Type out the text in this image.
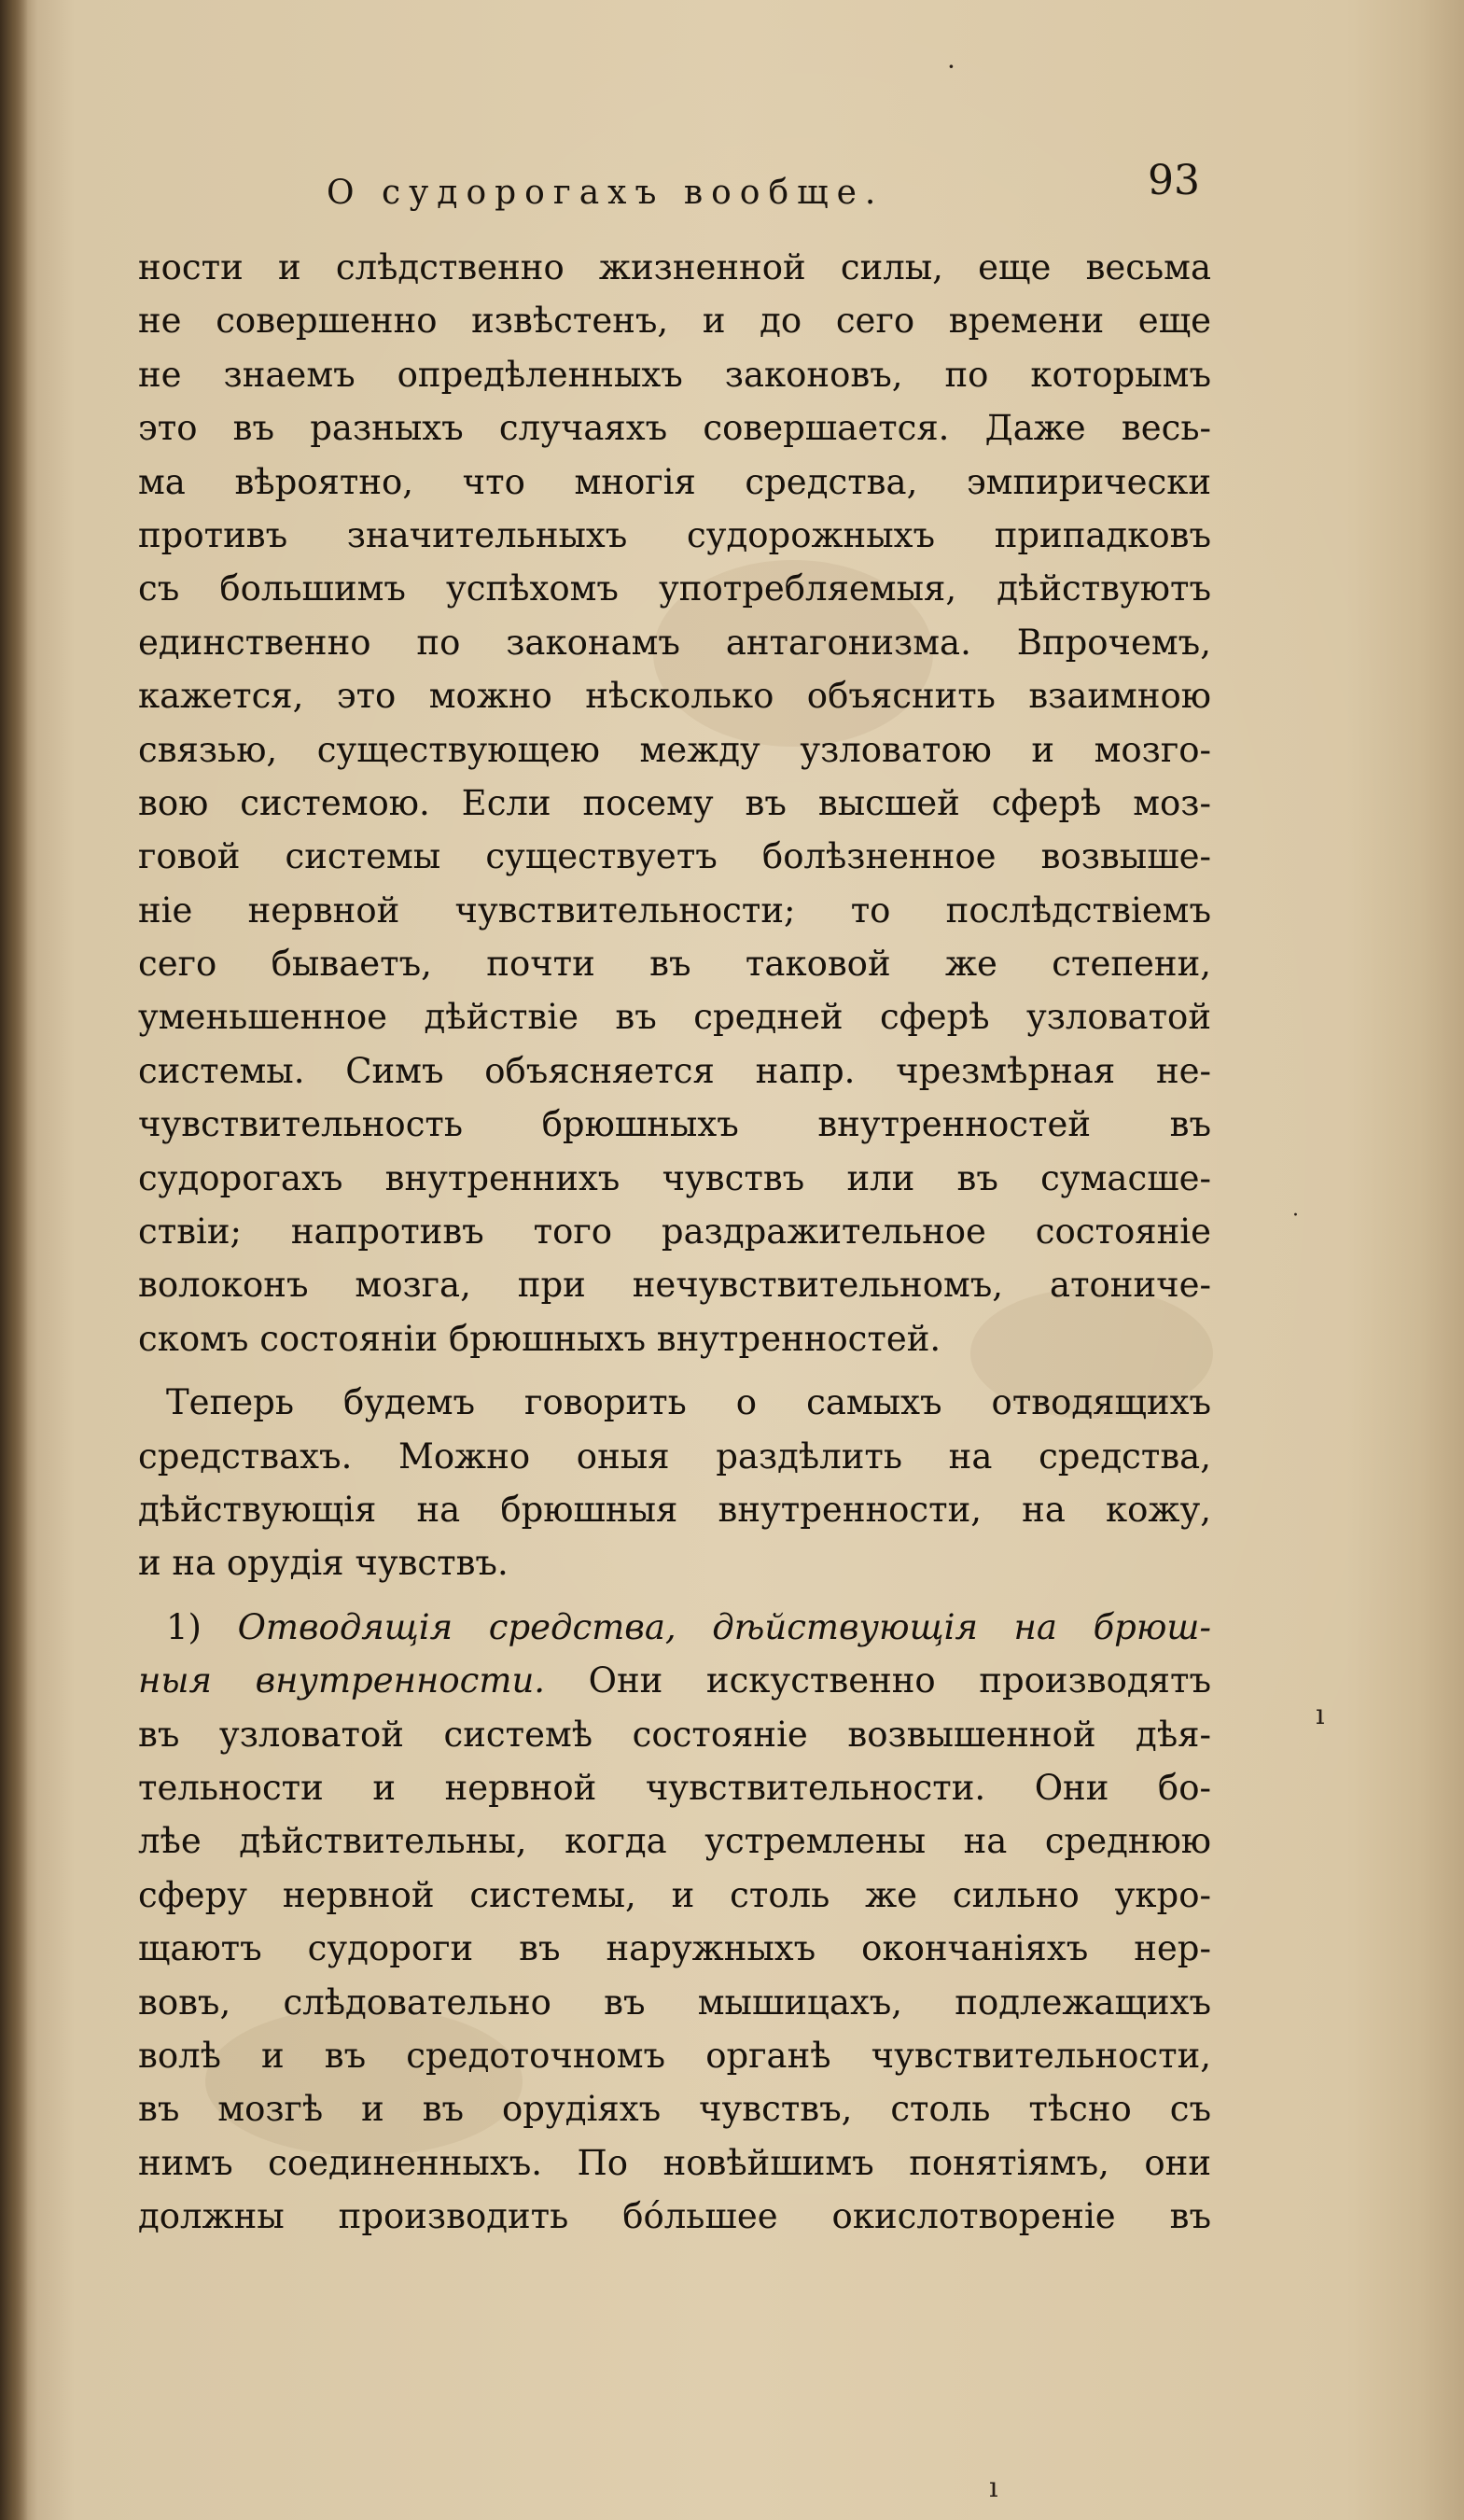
·
·
ı
ı
О судорогахъ вообще.	93
ности и слѣдственно жизненной силы, еще весьма
не совершенно извѣстенъ, и до сего времени еще
не знаемъ опредѣленныхъ законовъ, по которымъ
это въ разныхъ случаяхъ совершается. Даже весь-
ма вѣроятно, что многія средства, эмпирически
противъ значительныхъ судорожныхъ припадковъ
съ большимъ успѣхомъ употребляемыя, дѣйствуютъ
единственно по законамъ антагонизма. Впрочемъ,
кажется, это можно нѣсколько объяснить взаимною
связью, существующею между узловатою и мозго-
вою системою. Если посему въ высшей сферѣ моз-
говой системы существуетъ болѣзненное возвыше-
ніе нервной чувствительности; то послѣдствіемъ
сего бываетъ, почти въ таковой же степени,
уменьшенное дѣйствіе въ средней сферѣ узловатой
системы. Симъ объясняется напр. чрезмѣрная не-
чувствительность брюшныхъ внутренностей въ
судорогахъ внутреннихъ чувствъ или въ сумасше-
ствіи; напротивъ того раздражительное состояніе
волоконъ мозга, при нечувствительномъ, атониче-
скомъ состояніи брюшныхъ внутренностей.
Теперь будемъ говорить о самыхъ отводящихъ
средствахъ. Можно оныя раздѣлить на средства,
дѣйствующія на брюшныя внутренности, на кожу,
и на орудія чувствъ.
1) Отводящія средства, дѣйствующія на брюш-
ныя внутренности. Они искуственно производятъ
въ узловатой системѣ состояніе возвышенной дѣя-
тельности и нервной чувствительности. Они бо-
лѣе дѣйствительны, когда устремлены на среднюю
сферу нервной системы, и столь же сильно укро-
щаютъ судороги въ наружныхъ окончаніяхъ нер-
вовъ, слѣдовательно въ мышицахъ, подлежащихъ
волѣ и въ средоточномъ органѣ чувствительности,
въ мозгѣ и въ орудіяхъ чувствъ, столь тѣсно съ
нимъ соединенныхъ. По новѣйшимъ понятіямъ, они
должны производить бóльшее окислотвореніе въ
